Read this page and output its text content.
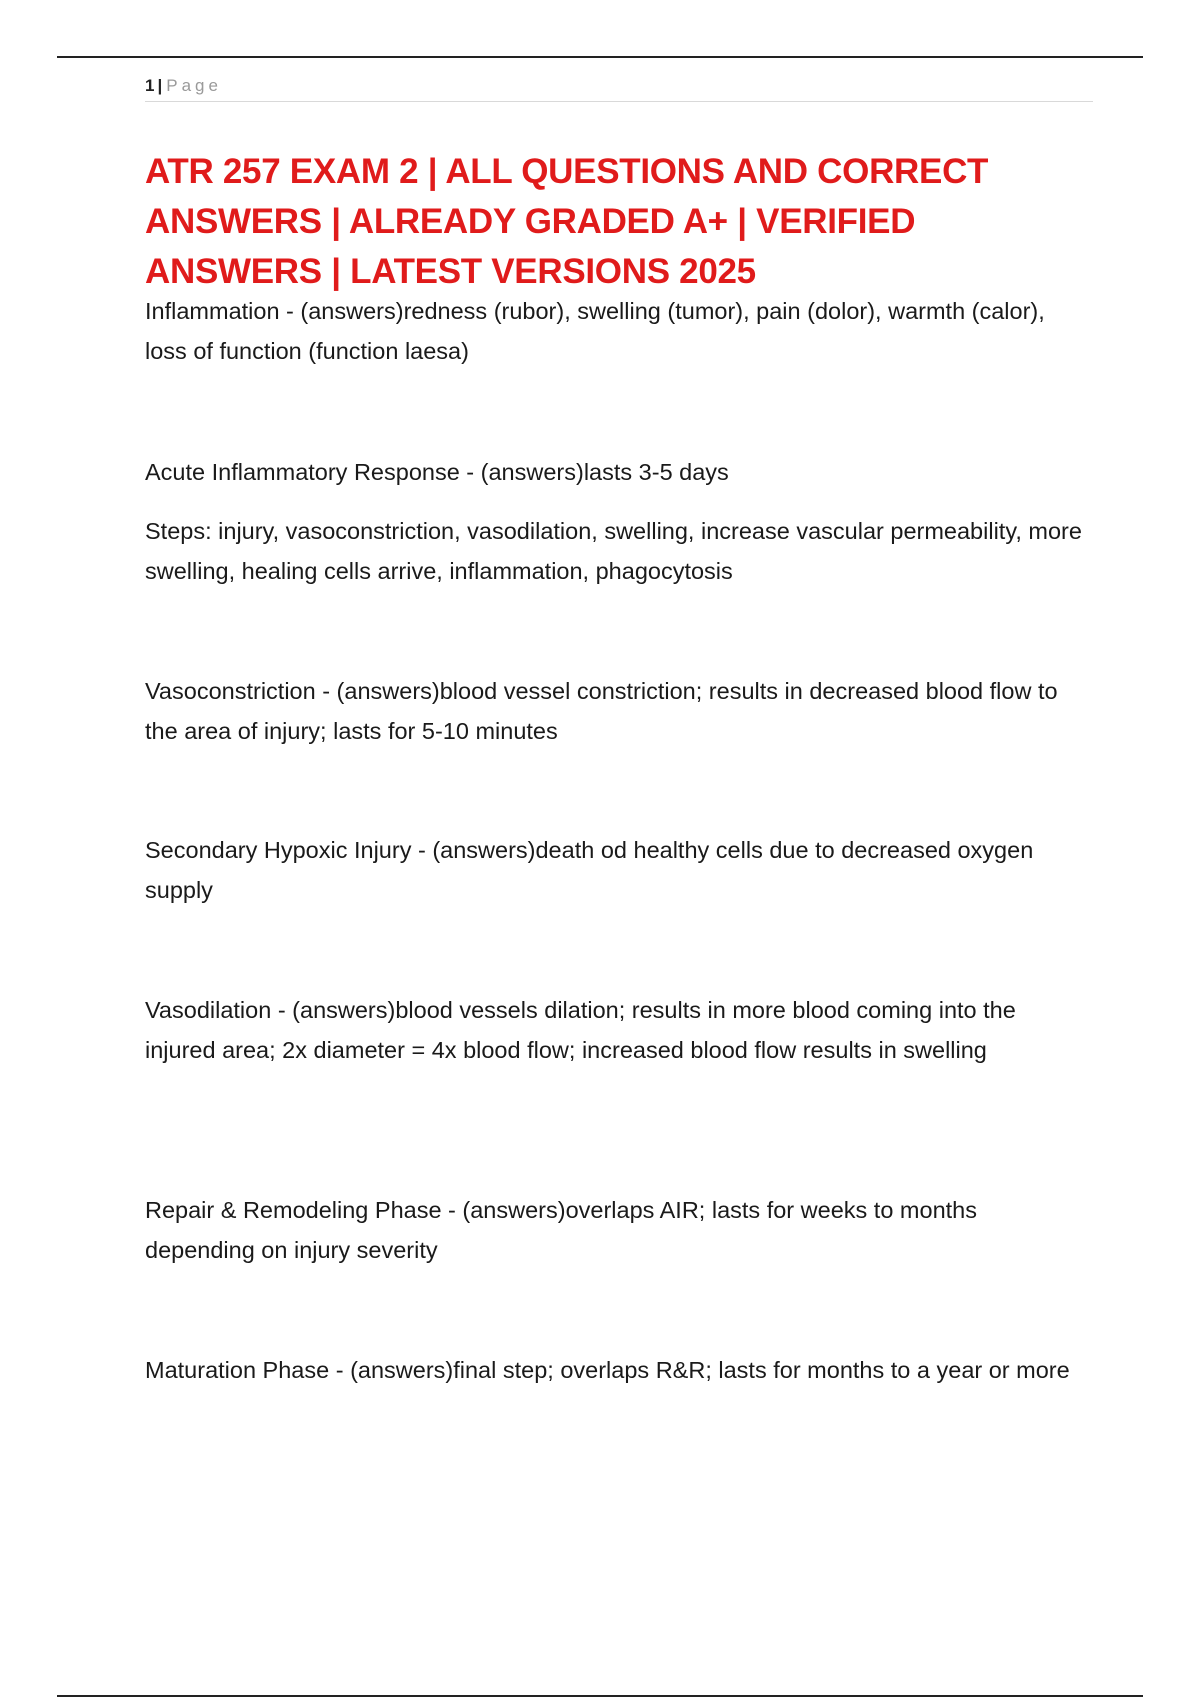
1 | Page
ATR 257 EXAM 2 | ALL QUESTIONS AND CORRECT ANSWERS | ALREADY GRADED A+ | VERIFIED ANSWERS | LATEST VERSIONS 2025

Inflammation - (answers)redness (rubor), swelling (tumor), pain (dolor), warmth (calor), loss of function (function laesa)

Acute Inflammatory Response - (answers)lasts 3-5 days

Steps: injury, vasoconstriction, vasodilation, swelling, increase vascular permeability, more swelling, healing cells arrive, inflammation, phagocytosis

Vasoconstriction - (answers)blood vessel constriction; results in decreased blood flow to the area of injury; lasts for 5-10 minutes

Secondary Hypoxic Injury - (answers)death od healthy cells due to decreased oxygen supply

Vasodilation - (answers)blood vessels dilation; results in more blood coming into the injured area; 2x diameter = 4x blood flow; increased blood flow results in swelling

Repair & Remodeling Phase - (answers)overlaps AIR; lasts for weeks to months depending on injury severity

Maturation Phase - (answers)final step; overlaps R&R; lasts for months to a year or more
